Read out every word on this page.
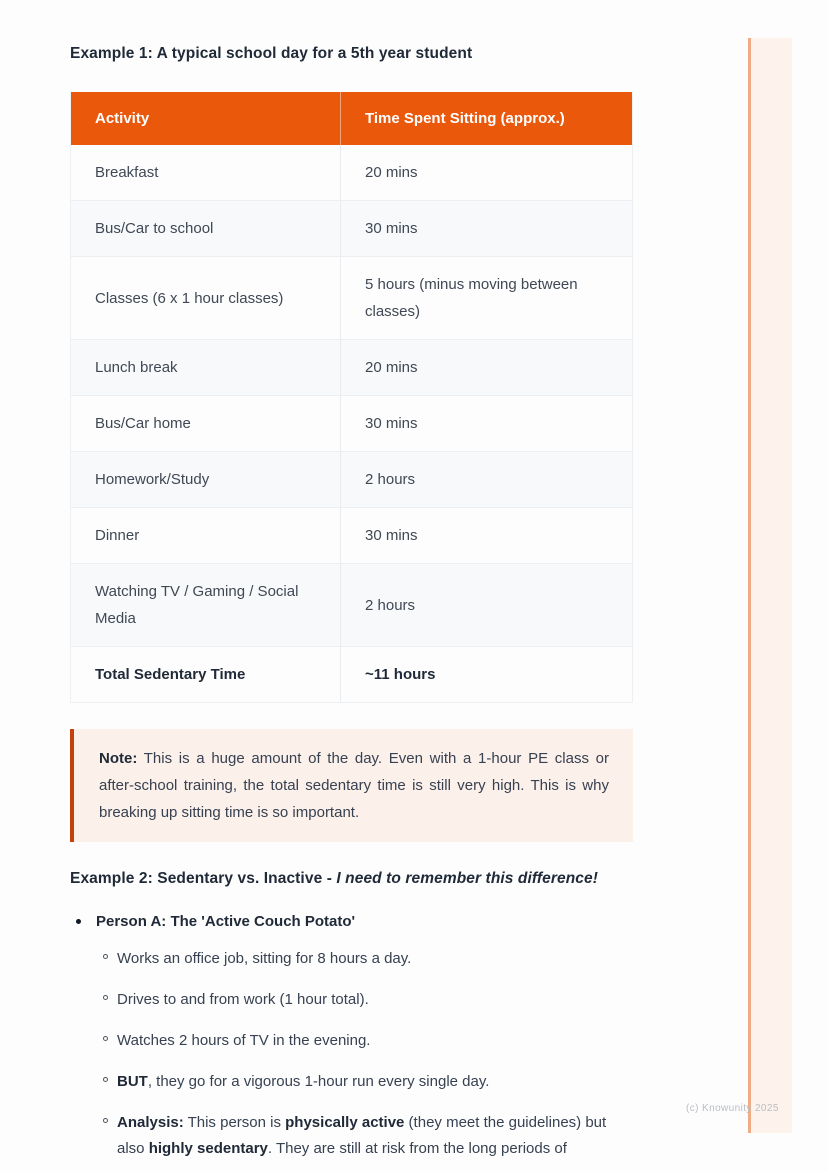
(c) Knowunity 2025
Example 1: A typical school day for a 5th year student
Activity	Time Spent Sitting (approx.)
Breakfast	20 mins
Bus/Car to school	30 mins
Classes (6 x 1 hour classes)	5 hours (minus moving between classes)
Lunch break	20 mins
Bus/Car home	30 mins
Homework/Study	2 hours
Dinner	30 mins
Watching TV / Gaming / Social Media	2 hours
Total Sedentary Time	~11 hours
Note: This is a huge amount of the day. Even with a 1-hour PE class or after-school training, the total sedentary time is still very high. This is why breaking up sitting time is so important.
Example 2: Sedentary vs. Inactive - I need to remember this difference!
Person A: The 'Active Couch Potato'
Works an office job, sitting for 8 hours a day.
Drives to and from work (1 hour total).
Watches 2 hours of TV in the evening.
BUT, they go for a vigorous 1-hour run every single day.
Analysis: This person is physically active (they meet the guidelines) but also highly sedentary. They are still at risk from the long periods of
